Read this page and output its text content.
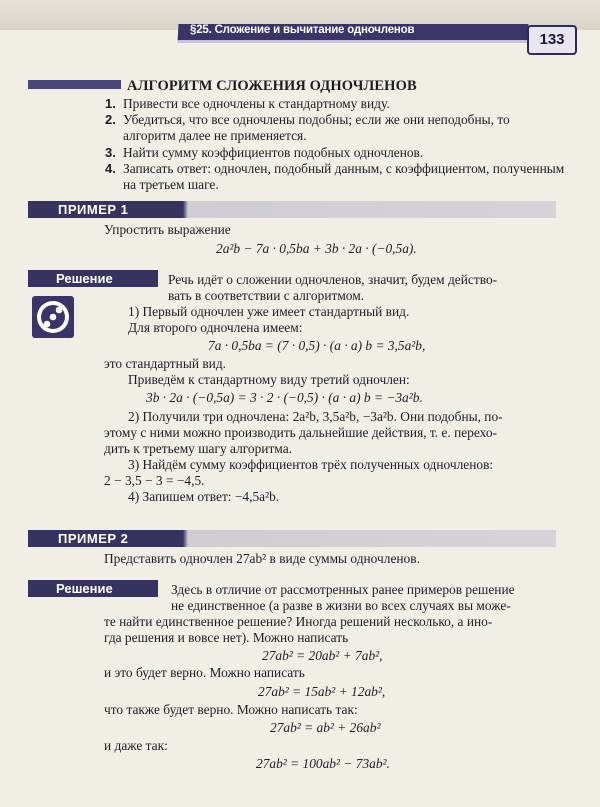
§25. Сложение и вычитание одночленов
133
АЛГОРИТМ СЛОЖЕНИЯ ОДНОЧЛЕНОВ
1. Привести все одночлены к стандартному виду.
2. Убедиться, что все одночлены подобны; если же они неподобны, то алгоритм далее не применяется.
3. Найти сумму коэффициентов подобных одночленов.
4. Записать ответ: одночлен, подобный данным, с коэффициентом, полученным на третьем шаге.
ПРИМЕР 1
Упростить выражение
2a²b − 7a · 0,5ba + 3b · 2a · (−0,5a).
Решение	Речь идёт о сложении одночленов, значит, будем действо-
вать в соответствии с алгоритмом.
1) Первый одночлен уже имеет стандартный вид.
Для второго одночлена имеем:
7a · 0,5ba = (7 · 0,5) · (a · a) b = 3,5a²b,
это стандартный вид.
Приведём к стандартному виду третий одночлен:
3b · 2a · (−0,5a) = 3 · 2 · (−0,5) · (a · a) b = −3a²b.
2) Получили три одночлена: 2a²b, 3,5a²b, −3a²b. Они подобны, по-
этому с ними можно производить дальнейшие действия, т. е. перехо-
дить к третьему шагу алгоритма.
3) Найдём сумму коэффициентов трёх полученных одночленов:
2 − 3,5 − 3 = −4,5.
4) Запишем ответ: −4,5a²b.
ПРИМЕР 2
Представить одночлен 27ab² в виде суммы одночленов.
Решение	Здесь в отличие от рассмотренных ранее примеров решение
не единственное (а разве в жизни во всех случаях вы може-
те найти единственное решение? Иногда решений несколько, а ино-
гда решения и вовсе нет). Можно написать
27ab² = 20ab² + 7ab²,
и это будет верно. Можно написать
27ab² = 15ab² + 12ab²,
что также будет верно. Можно написать так:
27ab² = ab² + 26ab²
и даже так:
27ab² = 100ab² − 73ab².
